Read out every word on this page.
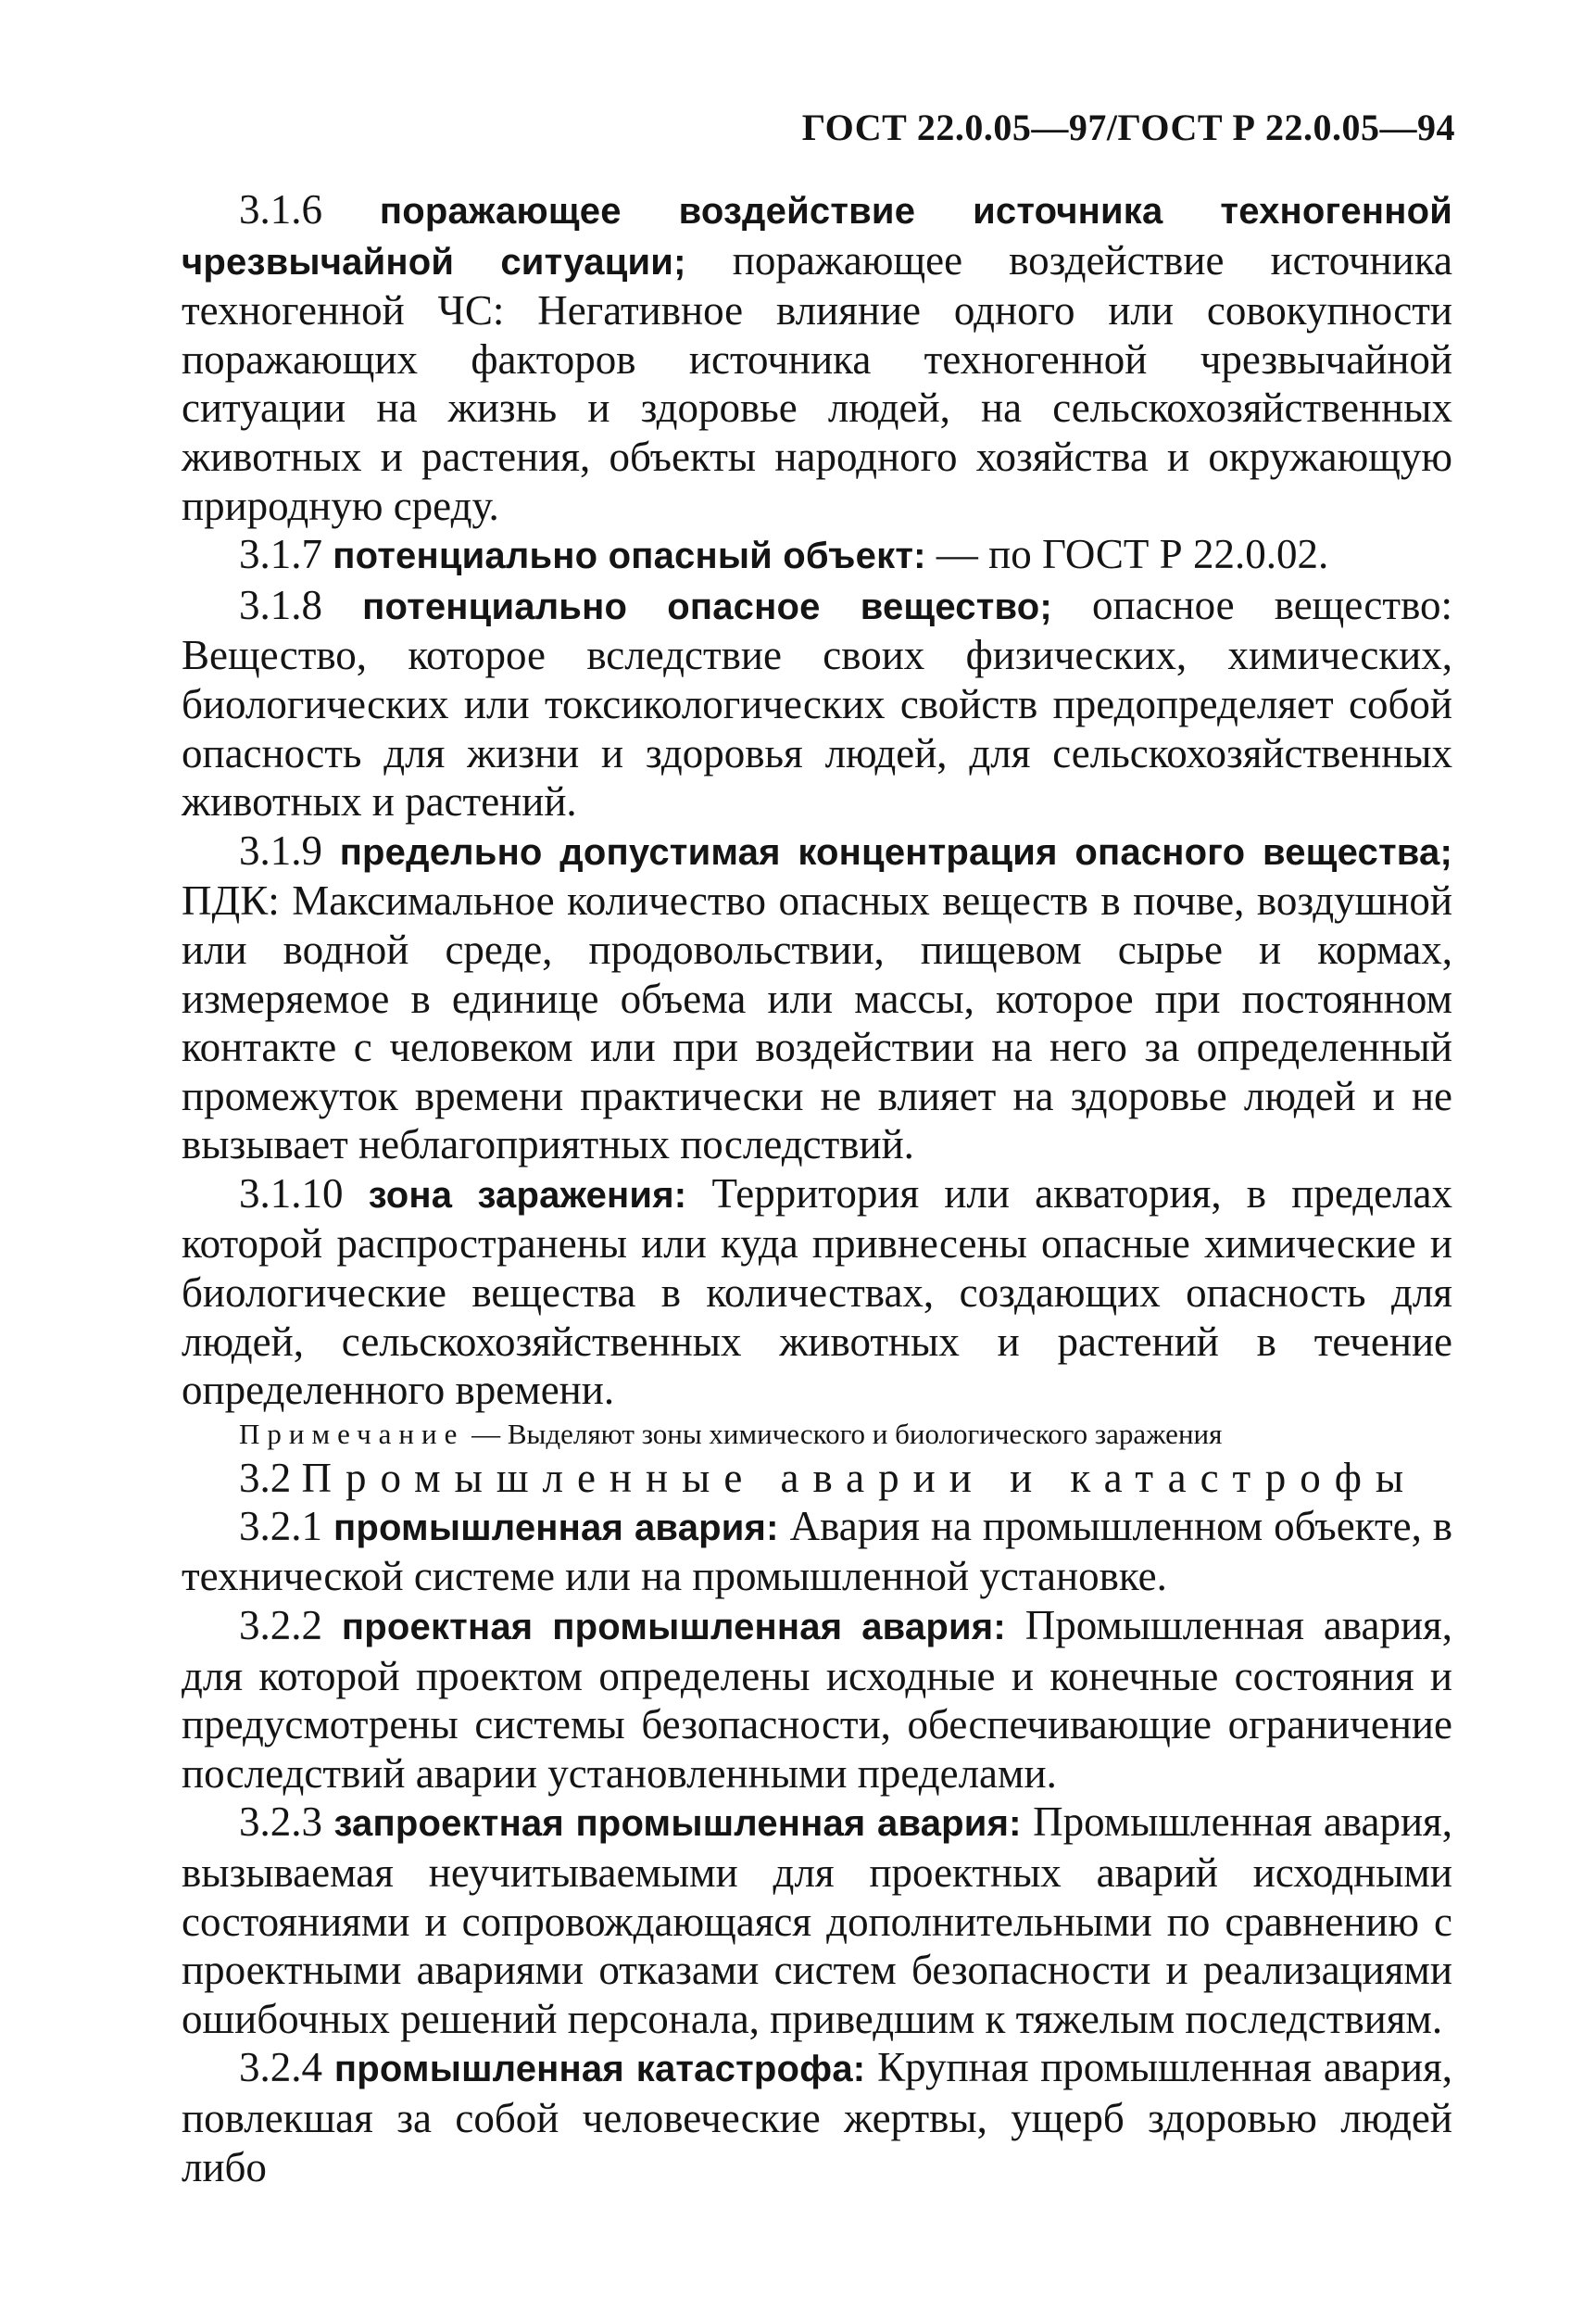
ГОСТ 22.0.05—97/ГОСТ Р 22.0.05—94

3.1.6 поражающее воздействие источника техногенной чрезвычайной ситуации; поражающее воздействие источника техногенной ЧС: Негативное влияние одного или совокупности поражающих факторов источника техногенной чрезвычайной ситуации на жизнь и здоровье людей, на сельскохозяйственных животных и растения, объекты народного хозяйства и окружающую природную среду.

3.1.7 потенциально опасный объект: — по ГОСТ Р 22.0.02.

3.1.8 потенциально опасное вещество; опасное вещество: Вещество, которое вследствие своих физических, химических, биологических или токсикологических свойств предопределяет собой опасность для жизни и здоровья людей, для сельскохозяйственных животных и растений.

3.1.9 предельно допустимая концентрация опасного вещества; ПДК: Максимальное количество опасных веществ в почве, воздушной или водной среде, продовольствии, пищевом сырье и кормах, измеряемое в единице объема или массы, которое при постоянном контакте с человеком или при воздействии на него за определенный промежуток времени практически не влияет на здоровье людей и не вызывает неблагоприятных последствий.

3.1.10 зона заражения: Территория или акватория, в пределах которой распространены или куда привнесены опасные химические и биологические вещества в количествах, создающих опасность для людей, сельскохозяйственных животных и растений в течение определенного времени.

Примечание — Выделяют зоны химического и биологического заражения

3.2 Промышленные аварии и катастрофы

3.2.1 промышленная авария: Авария на промышленном объекте, в технической системе или на промышленной установке.

3.2.2 проектная промышленная авария: Промышленная авария, для которой проектом определены исходные и конечные состояния и предусмотрены системы безопасности, обеспечивающие ограничение последствий аварии установленными пределами.

3.2.3 запроектная промышленная авария: Промышленная авария, вызываемая неучитываемыми для проектных аварий исходными состояниями и сопровождающаяся дополнительными по сравнению с проектными авариями отказами систем безопасности и реализациями ошибочных решений персонала, приведшим к тяжелым последствиям.

3.2.4 промышленная катастрофа: Крупная промышленная авария, повлекшая за собой человеческие жертвы, ущерб здоровью людей либо
